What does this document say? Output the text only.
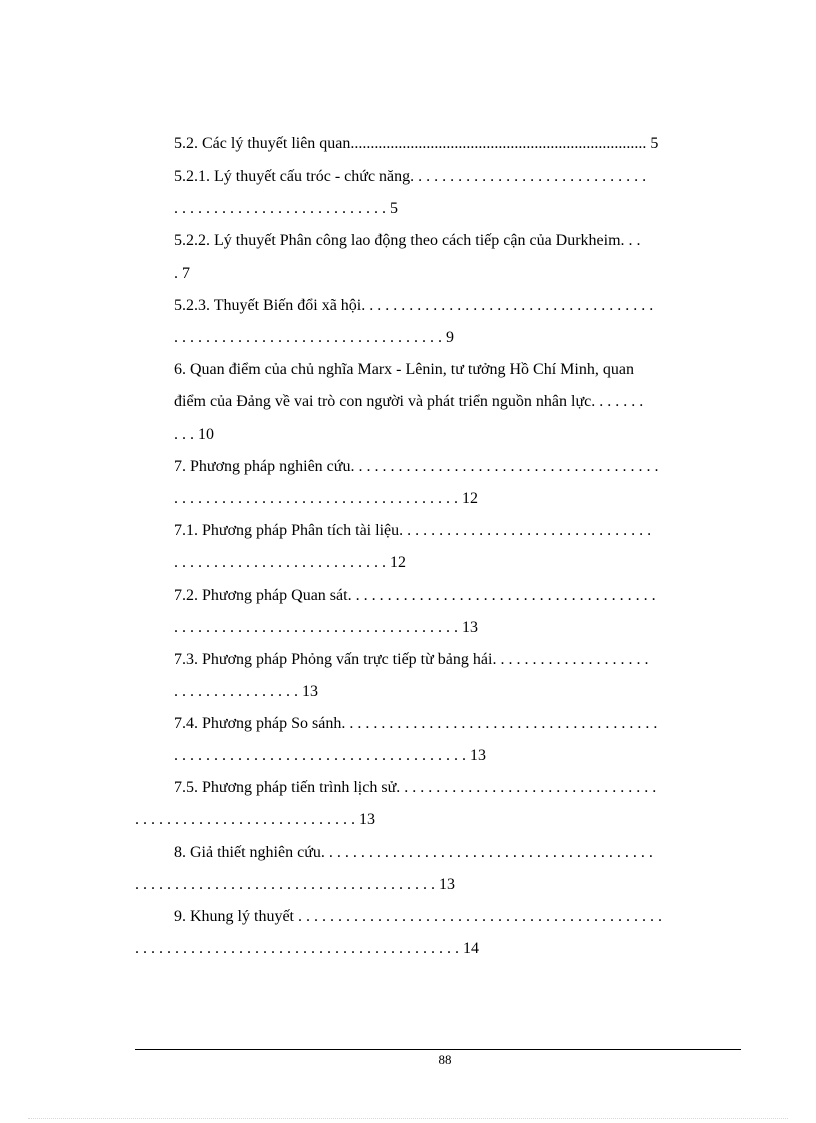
5.2. Các lý thuyết liên quan.......................................................................... 5
5.2.1. Lý thuyết cấu tróc - chức năng. . . . . . . . . . . . . . . . . . . . . . . . . . . . . .
. . . . . . . . . . . . . . . . . . . . . . . . . . . 5
5.2.2. Lý thuyết Phân công lao động theo cách tiếp cận của Durkheim. . .
. 7
5.2.3. Thuyết Biến đổi xã hội. . . . . . . . . . . . . . . . . . . . . . . . . . . . . . . . . . . . .
. . . . . . . . . . . . . . . . . . . . . . . . . . . . . . . . . . 9
6. Quan điểm của chủ nghĩa Marx - Lênin, tư tưởng Hồ Chí Minh, quan
điểm của Đảng về vai trò con người và phát triển nguồn nhân lực. . . . . . .
. . . 10
7. Phương pháp nghiên cứu. . . . . . . . . . . . . . . . . . . . . . . . . . . . . . . . . . . . . . .
. . . . . . . . . . . . . . . . . . . . . . . . . . . . . . . . . . . . 12
7.1. Phương pháp Phân tích tài liệu. . . . . . . . . . . . . . . . . . . . . . . . . . . . . . . .
. . . . . . . . . . . . . . . . . . . . . . . . . . . 12
7.2. Phương pháp Quan sát. . . . . . . . . . . . . . . . . . . . . . . . . . . . . . . . . . . . . . .
. . . . . . . . . . . . . . . . . . . . . . . . . . . . . . . . . . . . 13
7.3. Phương pháp Phỏng vấn trực tiếp từ bảng hái. . . . . . . . . . . . . . . . . . . .
. . . . . . . . . . . . . . . . 13
7.4. Phương pháp So sánh. . . . . . . . . . . . . . . . . . . . . . . . . . . . . . . . . . . . . . . .
. . . . . . . . . . . . . . . . . . . . . . . . . . . . . . . . . . . . . 13
7.5. Phương pháp tiến trình lịch sử. . . . . . . . . . . . . . . . . . . . . . . . . . . . . . . . .
. . . . . . . . . . . . . . . . . . . . . . . . . . . . 13
8. Giả thiết nghiên cứu. . . . . . . . . . . . . . . . . . . . . . . . . . . . . . . . . . . . . . . . . .
. . . . . . . . . . . . . . . . . . . . . . . . . . . . . . . . . . . . . . 13
9. Khung lý thuyết . . . . . . . . . . . . . . . . . . . . . . . . . . . . . . . . . . . . . . . . . . . . . .
. . . . . . . . . . . . . . . . . . . . . . . . . . . . . . . . . . . . . . . . . 14
88
